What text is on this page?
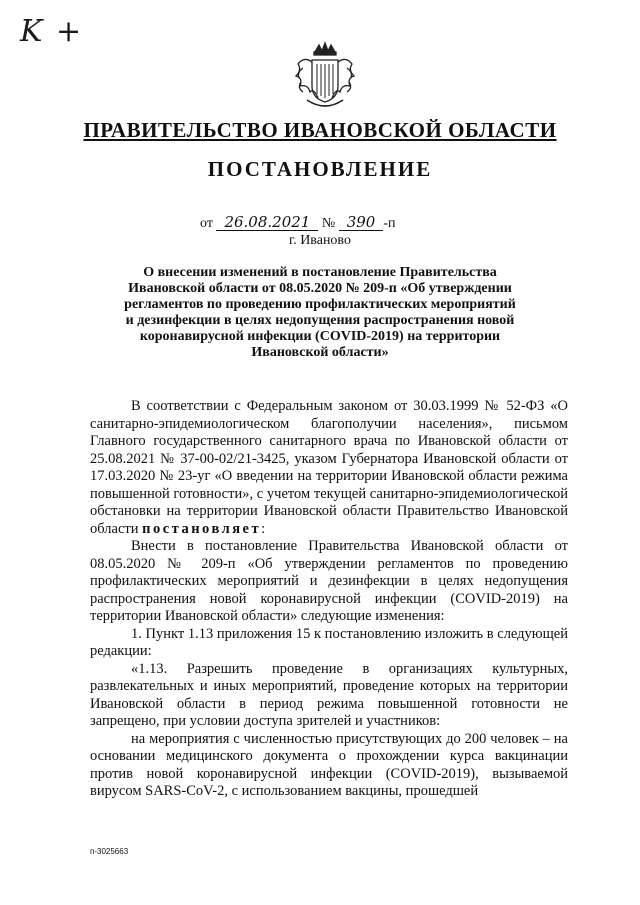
K +
ПРАВИТЕЛЬСТВО ИВАНОВСКОЙ ОБЛАСТИ
ПОСТАНОВЛЕНИЕ
от 26.08.2021 № 390 -п
г. Иваново
О внесении изменений в постановление Правительства
Ивановской области от 08.05.2020 № 209-п «Об утверждении
регламентов по проведению профилактических мероприятий
и дезинфекции в целях недопущения распространения новой
коронавирусной инфекции (COVID-2019) на территории
Ивановской области»

В соответствии с Федеральным законом от 30.03.1999 № 52-ФЗ «О санитарно-эпидемиологическом благополучии населения», письмом Главного государственного санитарного врача по Ивановской области от 25.08.2021 № 37-00-02/21-3425, указом Губернатора Ивановской области от 17.03.2020 № 23-уг «О введении на территории Ивановской области режима повышенной готовности», с учетом текущей санитарно-эпидемиологической обстановки на территории Ивановской области Правительство Ивановской области постановляет:

Внести в постановление Правительства Ивановской области от 08.05.2020 № 209-п «Об утверждении регламентов по проведению профилактических мероприятий и дезинфекции в целях недопущения распространения новой коронавирусной инфекции (COVID-2019) на территории Ивановской области» следующие изменения:

1. Пункт 1.13 приложения 15 к постановлению изложить в следующей редакции:

«1.13. Разрешить проведение в организациях культурных, развлекательных и иных мероприятий, проведение которых на территории Ивановской области в период режима повышенной готовности не запрещено, при условии доступа зрителей и участников:

на мероприятия с численностью присутствующих до 200 человек – на основании медицинского документа о прохождении курса вакцинации против новой коронавирусной инфекции (COVID-2019), вызываемой вирусом SARS-CoV-2, с использованием вакцины, прошедшей

п-3025663
